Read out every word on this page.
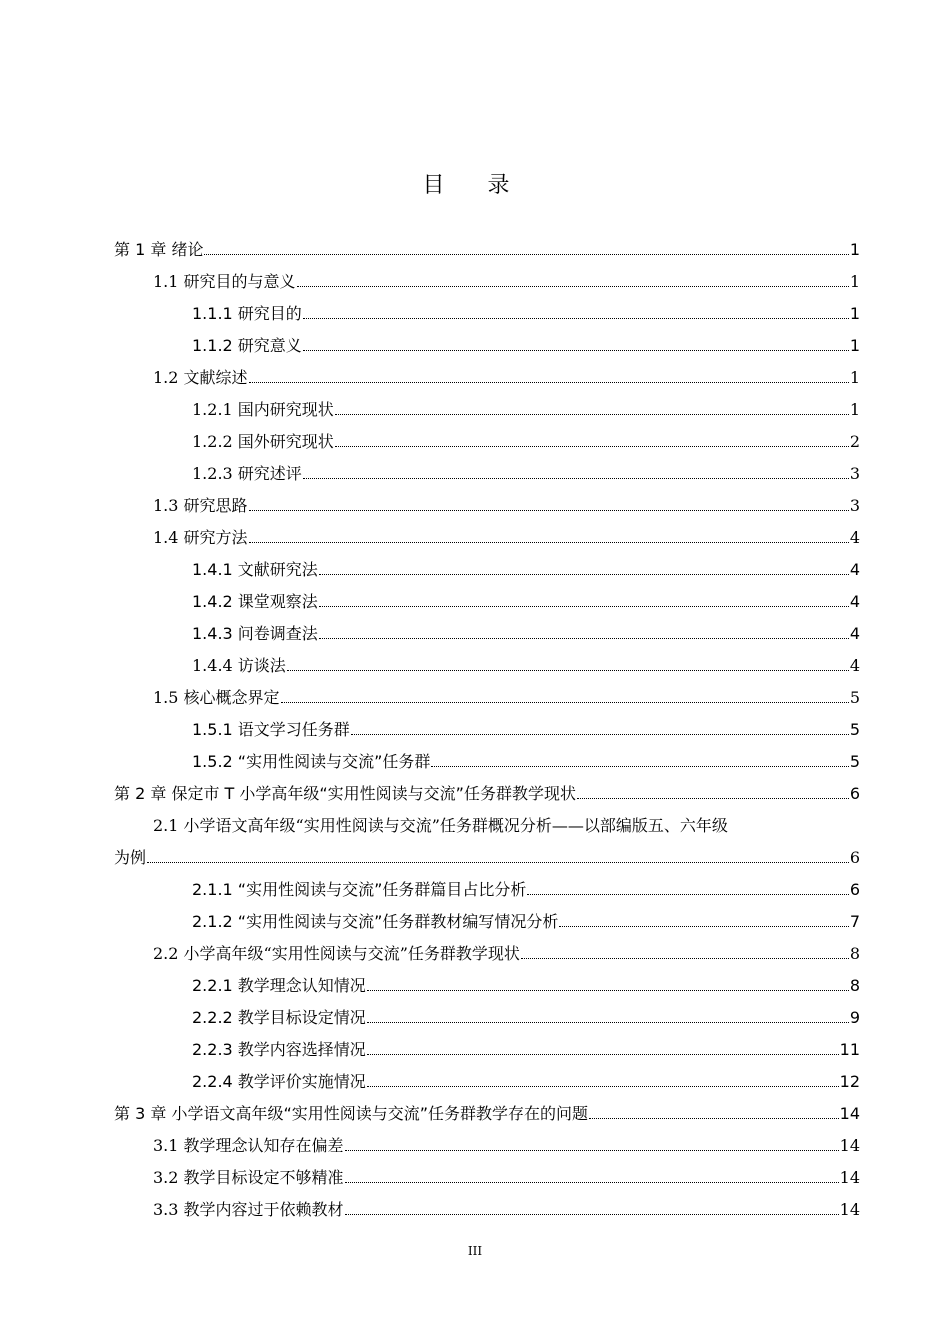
目 录
第 1 章 绪论	1
1.1 研究目的与意义	1
1.1.1 研究目的	1
1.1.2 研究意义	1
1.2 文献综述	1
1.2.1 国内研究现状	1
1.2.2 国外研究现状	2
1.2.3 研究述评	3
1.3 研究思路	3
1.4 研究方法	4
1.4.1 文献研究法	4
1.4.2 课堂观察法	4
1.4.3 问卷调查法	4
1.4.4 访谈法	4
1.5 核心概念界定	5
1.5.1 语文学习任务群	5
1.5.2 “实用性阅读与交流”任务群	5
第 2 章 保定市 T 小学高年级“实用性阅读与交流”任务群教学现状	6
2.1 小学语文高年级“实用性阅读与交流”任务群概况分析——以部编版五、六年级
为例	6
2.1.1 “实用性阅读与交流”任务群篇目占比分析	6
2.1.2 “实用性阅读与交流”任务群教材编写情况分析	7
2.2 小学高年级“实用性阅读与交流”任务群教学现状	8
2.2.1 教学理念认知情况	8
2.2.2 教学目标设定情况	9
2.2.3 教学内容选择情况	11
2.2.4 教学评价实施情况	12
第 3 章 小学语文高年级“实用性阅读与交流”任务群教学存在的问题	14
3.1 教学理念认知存在偏差	14
3.2 教学目标设定不够精准	14
3.3 教学内容过于依赖教材	14
III
